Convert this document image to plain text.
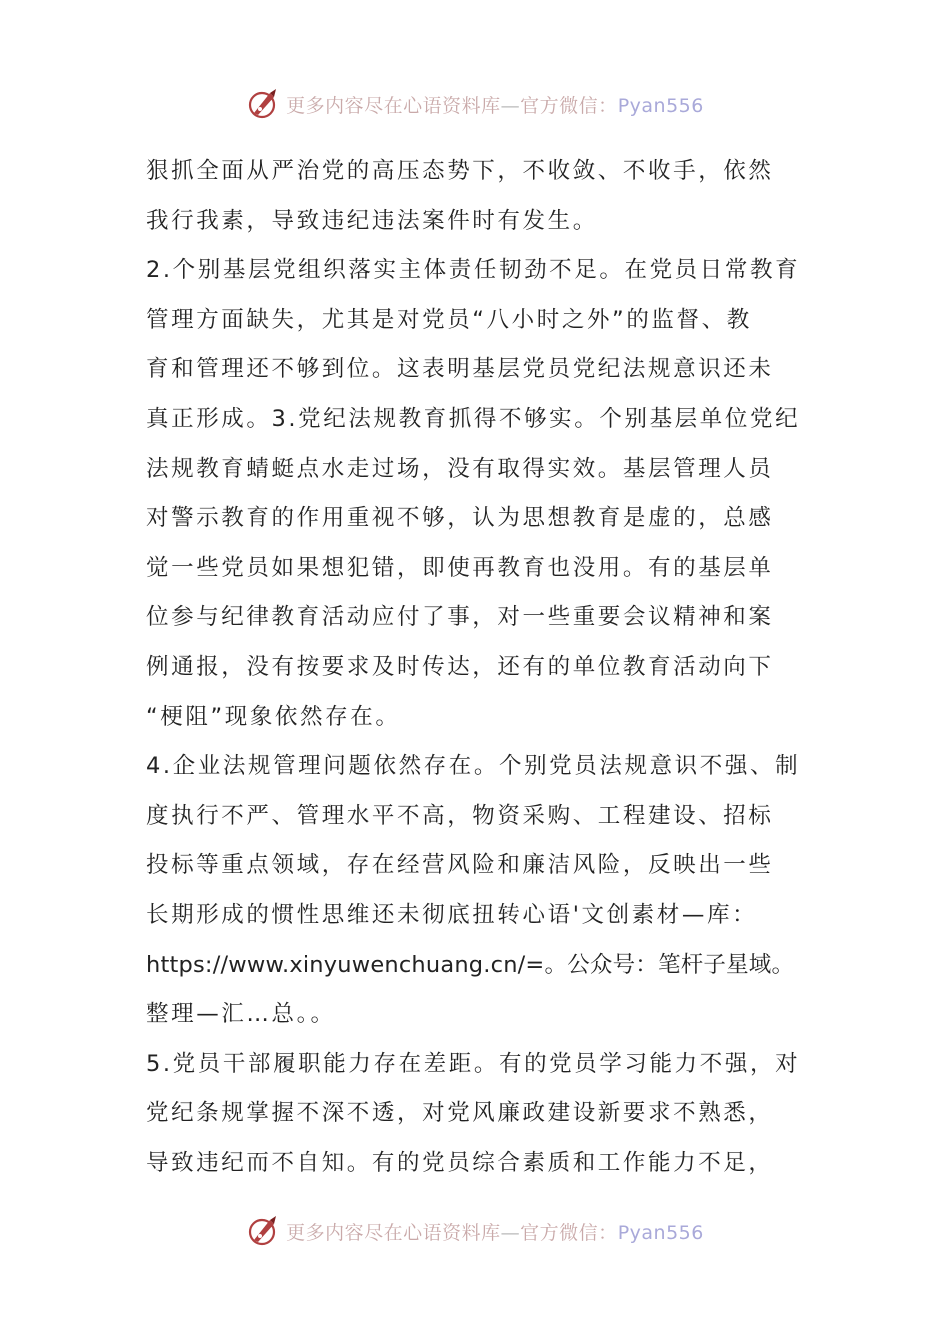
更多内容尽在心语资料库—官方微信：Pyan556
狠抓全面从严治党的高压态势下，不收敛、不收手，依然
我行我素，导致违纪违法案件时有发生。
2.个别基层党组织落实主体责任韧劲不足。在党员日常教育
管理方面缺失，尤其是对党员“八小时之外”的监督、教
育和管理还不够到位。这表明基层党员党纪法规意识还未
真正形成。3.党纪法规教育抓得不够实。个别基层单位党纪
法规教育蜻蜓点水走过场，没有取得实效。基层管理人员
对警示教育的作用重视不够，认为思想教育是虚的，总感
觉一些党员如果想犯错，即使再教育也没用。有的基层单
位参与纪律教育活动应付了事，对一些重要会议精神和案
例通报，没有按要求及时传达，还有的单位教育活动向下
“梗阻”现象依然存在。
4.企业法规管理问题依然存在。个别党员法规意识不强、制
度执行不严、管理水平不高，物资采购、工程建设、招标
投标等重点领域，存在经营风险和廉洁风险，反映出一些
长期形成的惯性思维还未彻底扭转心语'文创素材—库：
https://www.xinyuwenchuang.cn/=。公众号：笔杆子星域。
整理—汇…总。。
5.党员干部履职能力存在差距。有的党员学习能力不强，对
党纪条规掌握不深不透，对党风廉政建设新要求不熟悉，
导致违纪而不自知。有的党员综合素质和工作能力不足，
更多内容尽在心语资料库—官方微信：Pyan556
